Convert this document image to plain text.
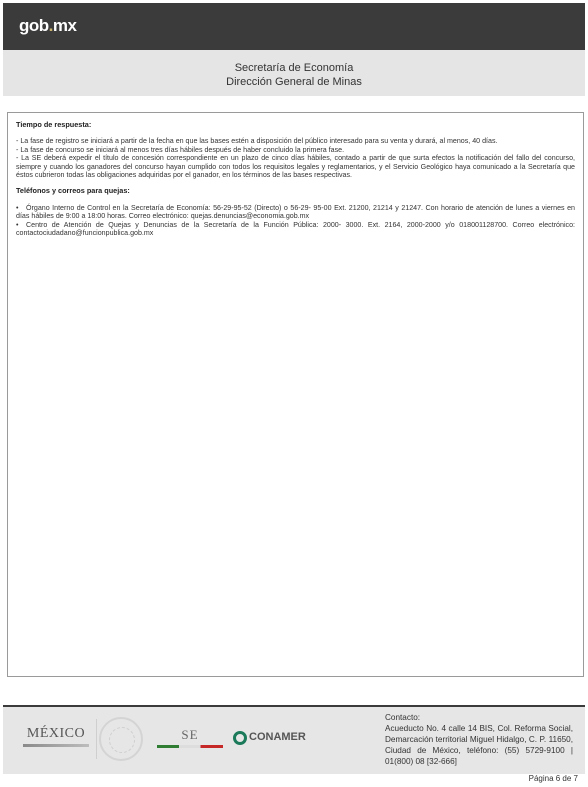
gob.mx
Secretaría de Economía
Dirección General de Minas
Tiempo de respuesta:

- La fase de registro se iniciará a partir de la fecha en que las bases estén a disposición del público interesado para su venta y durará, al menos, 40 días.

- La fase de concurso se iniciará al menos tres días hábiles después de haber concluido la primera fase.

- La SE deberá expedir el título de concesión correspondiente en un plazo de cinco días hábiles, contado a partir de que surta efectos la notificación del fallo del concurso, siempre y cuando los ganadores del concurso hayan cumplido con todos los requisitos legales y reglamentarios, y el Servicio Geológico haya comunicado a la Secretaría que éstos cubrieron todas las obligaciones adquiridas por el ganador, en los términos de las bases respectivas.

Teléfonos y correos para quejas:

• Órgano Interno de Control en la Secretaría de Economía: 56-29-95-52 (Directo) o 56-29- 95-00 Ext. 21200, 21214 y 21247. Con horario de atención de lunes a viernes en días hábiles de 9:00 a 18:00 horas. Correo electrónico: quejas.denuncias@economia.gob.mx

• Centro de Atención de Quejas y Denuncias de la Secretaría de la Función Pública: 2000- 3000. Ext. 2164, 2000-2000 y/o 018001128700. Correo electrónico: contactociudadano@funcionpublica.gob.mx

MÉXICO	SE	CONAMER
Contacto:
Acueducto No. 4 calle 14 BIS, Col. Reforma Social, Demarcación territorial Miguel Hidalgo, C. P. 11650, Ciudad de México, teléfono: (55) 5729-9100 | 01(800) 08 [32-666]
Página 6 de 7
